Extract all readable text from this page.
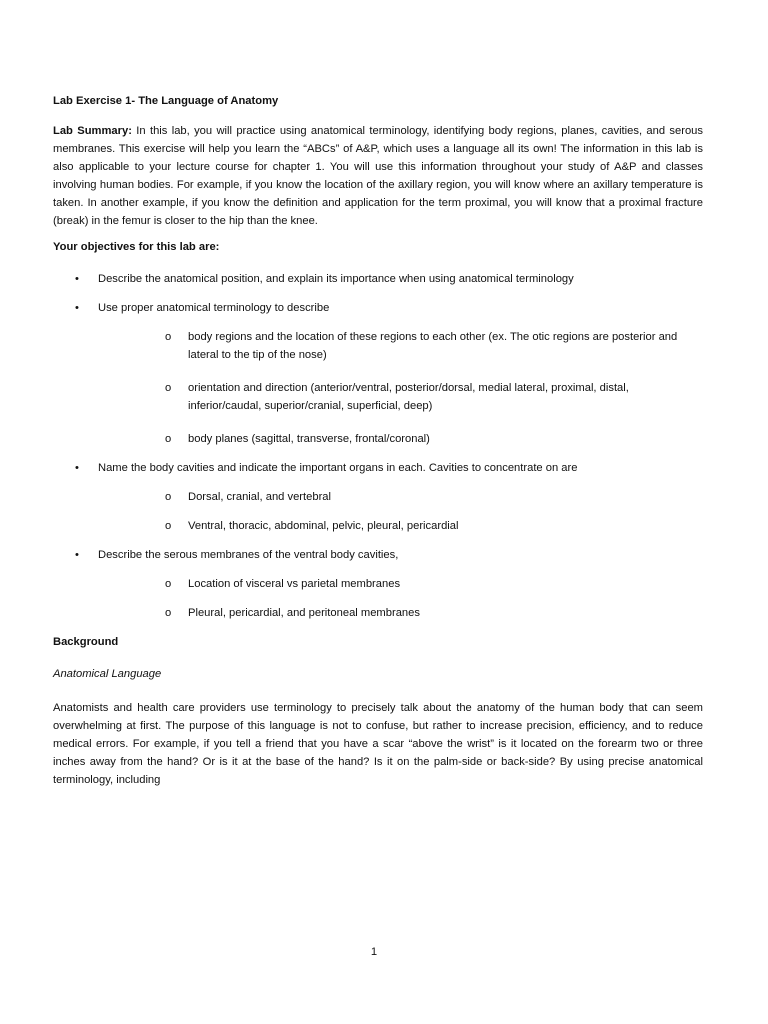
Lab Exercise 1- The Language of Anatomy

Lab Summary: In this lab, you will practice using anatomical terminology, identifying body regions, planes, cavities, and serous membranes. This exercise will help you learn the “ABCs” of A&P, which uses a language all its own! The information in this lab is also applicable to your lecture course for chapter 1. You will use this information throughout your study of A&P and classes involving human bodies. For example, if you know the location of the axillary region, you will know where an axillary temperature is taken. In another example, if you know the definition and application for the term proximal, you will know that a proximal fracture (break) in the femur is closer to the hip than the knee.

Your objectives for this lab are:

• Describe the anatomical position, and explain its importance when using anatomical terminology
• Use proper anatomical terminology to describe
o body regions and the location of these regions to each other (ex. The otic regions are posterior and lateral to the tip of the nose)
o orientation and direction (anterior/ventral, posterior/dorsal, medial lateral, proximal, distal, inferior/caudal, superior/cranial, superficial, deep)
o body planes (sagittal, transverse, frontal/coronal)
• Name the body cavities and indicate the important organs in each. Cavities to concentrate on are
o Dorsal, cranial, and vertebral
o Ventral, thoracic, abdominal, pelvic, pleural, pericardial
• Describe the serous membranes of the ventral body cavities,
o Location of visceral vs parietal membranes
o Pleural, pericardial, and peritoneal membranes

Background

Anatomical Language

Anatomists and health care providers use terminology to precisely talk about the anatomy of the human body that can seem overwhelming at first. The purpose of this language is not to confuse, but rather to increase precision, efficiency, and to reduce medical errors. For example, if you tell a friend that you have a scar “above the wrist” is it located on the forearm two or three inches away from the hand? Or is it at the base of the hand? Is it on the palm-side or back-side? By using precise anatomical terminology, including

1
